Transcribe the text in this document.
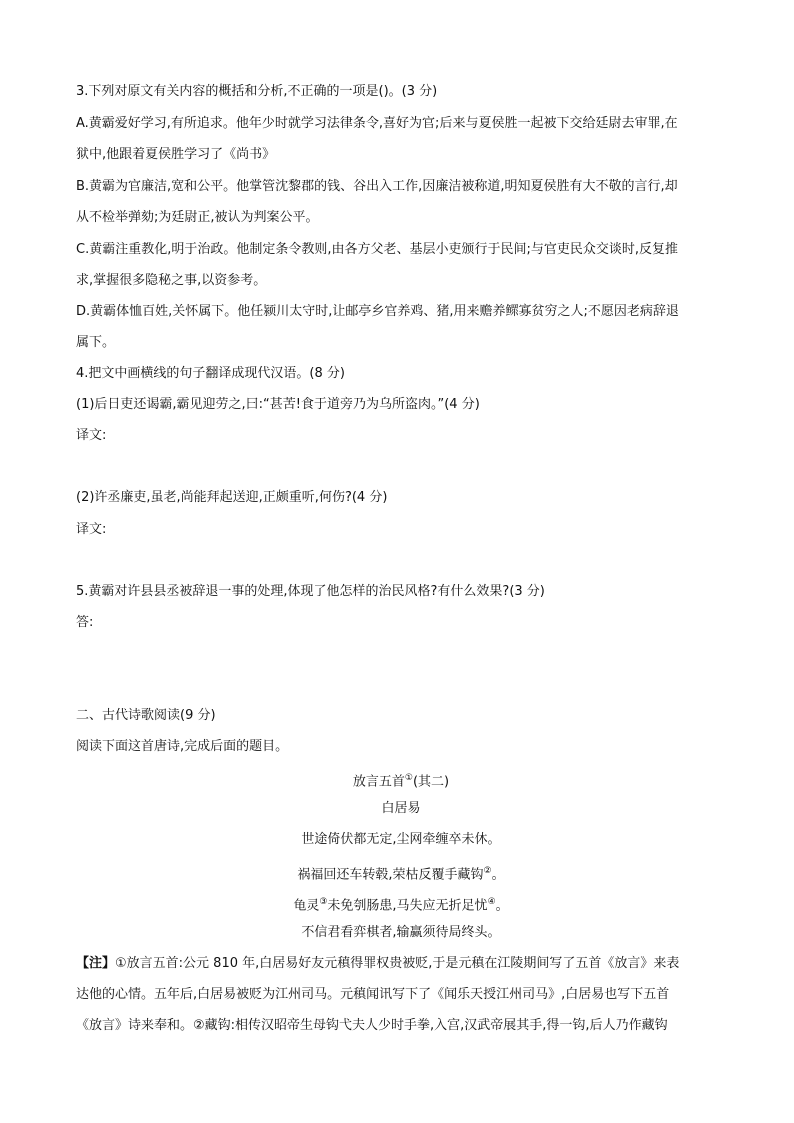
3.下列对原文有关内容的概括和分析,不正确的一项是()。(3 分)
A.黄霸爱好学习,有所追求。他年少时就学习法律条令,喜好为官;后来与夏侯胜一起被下交给廷尉去审罪,在
狱中,他跟着夏侯胜学习了《尚书》
B.黄霸为官廉洁,宽和公平。他掌管沈黎郡的钱、谷出入工作,因廉洁被称道,明知夏侯胜有大不敬的言行,却
从不检举弹劾;为廷尉正,被认为判案公平。
C.黄霸注重教化,明于治政。他制定条令教则,由各方父老、基层小吏颁行于民间;与官吏民众交谈时,反复推
求,掌握很多隐秘之事,以资参考。
D.黄霸体恤百姓,关怀属下。他任颍川太守时,让邮亭乡官养鸡、猪,用来赡养鳏寡贫穷之人;不愿因老病辞退
属下。
4.把文中画横线的句子翻译成现代汉语。(8 分)
(1)后日吏还谒霸,霸见迎劳之,曰:“甚苦!食于道旁乃为乌所盗肉。”(4 分)
译文:
(2)许丞廉吏,虽老,尚能拜起送迎,正颇重听,何伤?(4 分)
译文:
5.黄霸对许县县丞被辞退一事的处理,体现了他怎样的治民风格?有什么效果?(3 分)
答:
二、古代诗歌阅读(9 分)
阅读下面这首唐诗,完成后面的题目。
放言五首①(其二)
白居易
世途倚伏都无定,尘网牵缠卒未休。
祸福回还车转毂,荣枯反覆手藏钩②。
龟灵③未免刳肠患,马失应无折足忧④。
不信君看弈棋者,输赢须待局终头。
【注】①放言五首:公元 810 年,白居易好友元稹得罪权贵被贬,于是元稹在江陵期间写了五首《放言》来表
达他的心情。五年后,白居易被贬为江州司马。元稹闻讯写下了《闻乐天授江州司马》,白居易也写下五首
《放言》诗来奉和。②藏钩:相传汉昭帝生母钩弋夫人少时手拳,入宫,汉武帝展其手,得一钩,后人乃作藏钩
